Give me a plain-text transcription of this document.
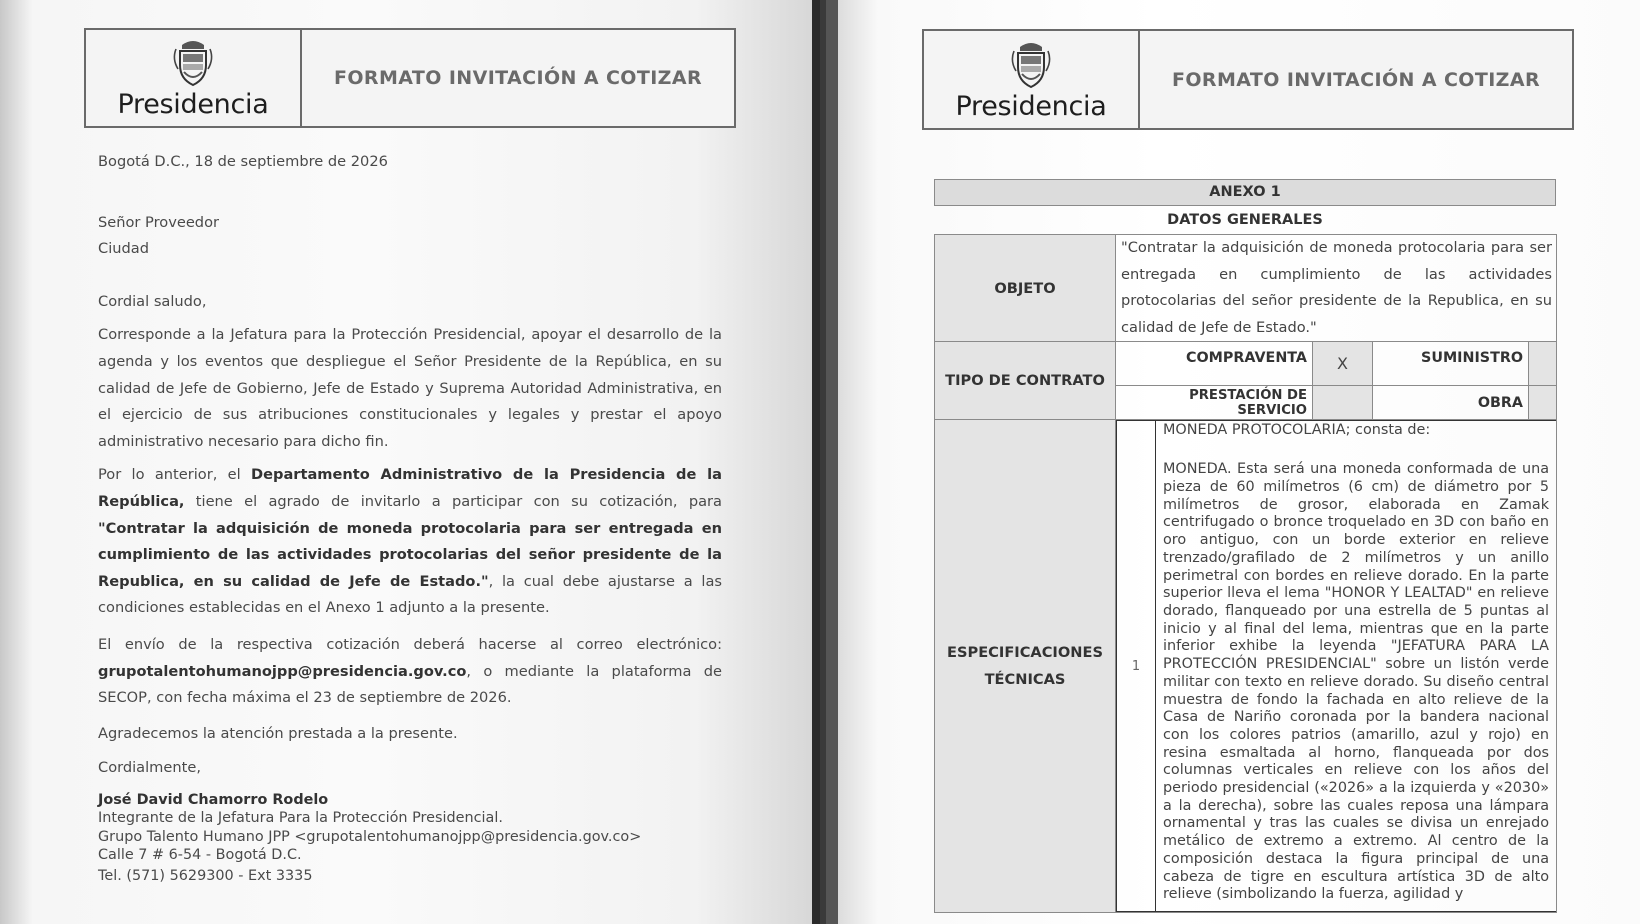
Presidencia
FORMATO INVITACIÓN A COTIZAR

Bogotá D.C., 18 de septiembre de 2026

Señor Proveedor

Ciudad

Cordial saludo,

Corresponde a la Jefatura para la Protección Presidencial, apoyar el desarrollo de la agenda y los eventos que despliegue el Señor Presidente de la República, en su calidad de Jefe de Gobierno, Jefe de Estado y Suprema Autoridad Administrativa, en el ejercicio de sus atribuciones constitucionales y legales y prestar el apoyo administrativo necesario para dicho fin.

Por lo anterior, el Departamento Administrativo de la Presidencia de la República, tiene el agrado de invitarlo a participar con su cotización, para "Contratar la adquisición de moneda protocolaria para ser entregada en cumplimiento de las actividades protocolarias del señor presidente de la Republica, en su calidad de Jefe de Estado.", la cual debe ajustarse a las condiciones establecidas en el Anexo 1 adjunto a la presente.

El envío de la respectiva cotización deberá hacerse al correo electrónico: grupotalentohumanojpp@presidencia.gov.co, o mediante la plataforma de SECOP, con fecha máxima el 23 de septiembre de 2026.

Agradecemos la atención prestada a la presente.

Cordialmente,

José David Chamorro Rodelo
Integrante de la Jefatura Para la Protección Presidencial.
Grupo Talento Humano JPP <grupotalentohumanojpp@presidencia.gov.co>
Calle 7 # 6-54 - Bogotá D.C.
Tel. (571) 5629300 - Ext 3335
Presidencia
FORMATO INVITACIÓN A COTIZAR
ANEXO 1
DATOS GENERALES
OBJETO	"Contratar la adquisición de moneda protocolaria para ser entregada en cumplimiento de las actividades protocolarias del señor presidente de la Republica, en su calidad de Jefe de Estado."			
TIPO DE CONTRATO	COMPRAVENTA	X	SUMINISTRO	
	PRESTACIÓN DE SERVICIO		OBRA	
ESPECIFICACIONES TÉCNICAS	1
MONEDA PROTOCOLARIA; consta de:
MONEDA. Esta será una moneda conformada de una pieza de 60 milímetros (6 cm) de diámetro por 5 milímetros de grosor, elaborada en Zamak centrifugado o bronce troquelado en 3D con baño en oro antiguo, con un borde exterior en relieve trenzado/grafilado de 2 milímetros y un anillo perimetral con bordes en relieve dorado. En la parte superior lleva el lema "HONOR Y LEALTAD" en relieve dorado, flanqueado por una estrella de 5 puntas al inicio y al final del lema, mientras que en la parte inferior exhibe la leyenda "JEFATURA PARA LA PROTECCIÓN PRESIDENCIAL" sobre un listón verde militar con texto en relieve dorado. Su diseño central muestra de fondo la fachada en alto relieve de la Casa de Nariño coronada por la bandera nacional con los colores patrios (amarillo, azul y rojo) en resina esmaltada al horno, flanqueada por dos columnas verticales en relieve con los años del periodo presidencial («2026» a la izquierda y «2030» a la derecha), sobre las cuales reposa una lámpara ornamental y tras las cuales se divisa un enrejado metálico de extremo a extremo. Al centro de la composición destaca la figura principal de una cabeza de tigre en escultura artística 3D de alto relieve (simbolizando la fuerza, agilidad y			
